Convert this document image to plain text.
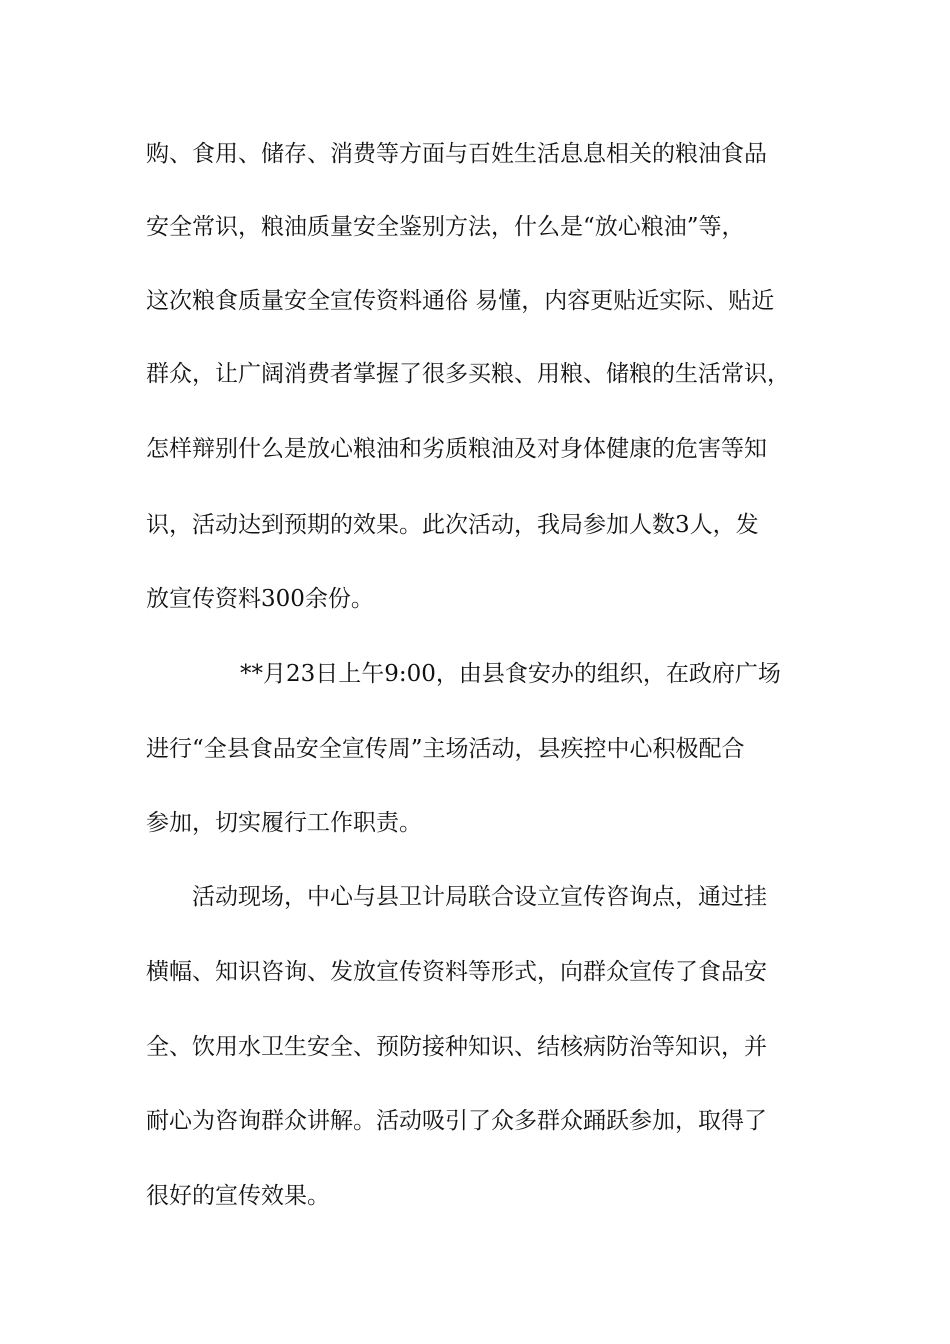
购、食用、储存、消费等方面与百姓生活息息相关的粮油食品
安全常识，粮油质量安全鉴别方法，什么是“放心粮油”等，
这次粮食质量安全宣传资料通俗 易懂，内容更贴近实际、贴近
群众，让广阔消费者掌握了很多买粮、用粮、储粮的生活常识，
怎样辩别什么是放心粮油和劣质粮油及对身体健康的危害等知
识，活动达到预期的效果。此次活动，我局参加人数3人，发
放宣传资料300余份。
**月23日上午9:00，由县食安办的组织，在政府广场
进行“全县食品安全宣传周”主场活动，县疾控中心积极配合
参加，切实履行工作职责。
活动现场，中心与县卫计局联合设立宣传咨询点，通过挂
横幅、知识咨询、发放宣传资料等形式，向群众宣传了食品安
全、饮用水卫生安全、预防接种知识、结核病防治等知识，并
耐心为咨询群众讲解。活动吸引了众多群众踊跃参加，取得了
很好的宣传效果。
